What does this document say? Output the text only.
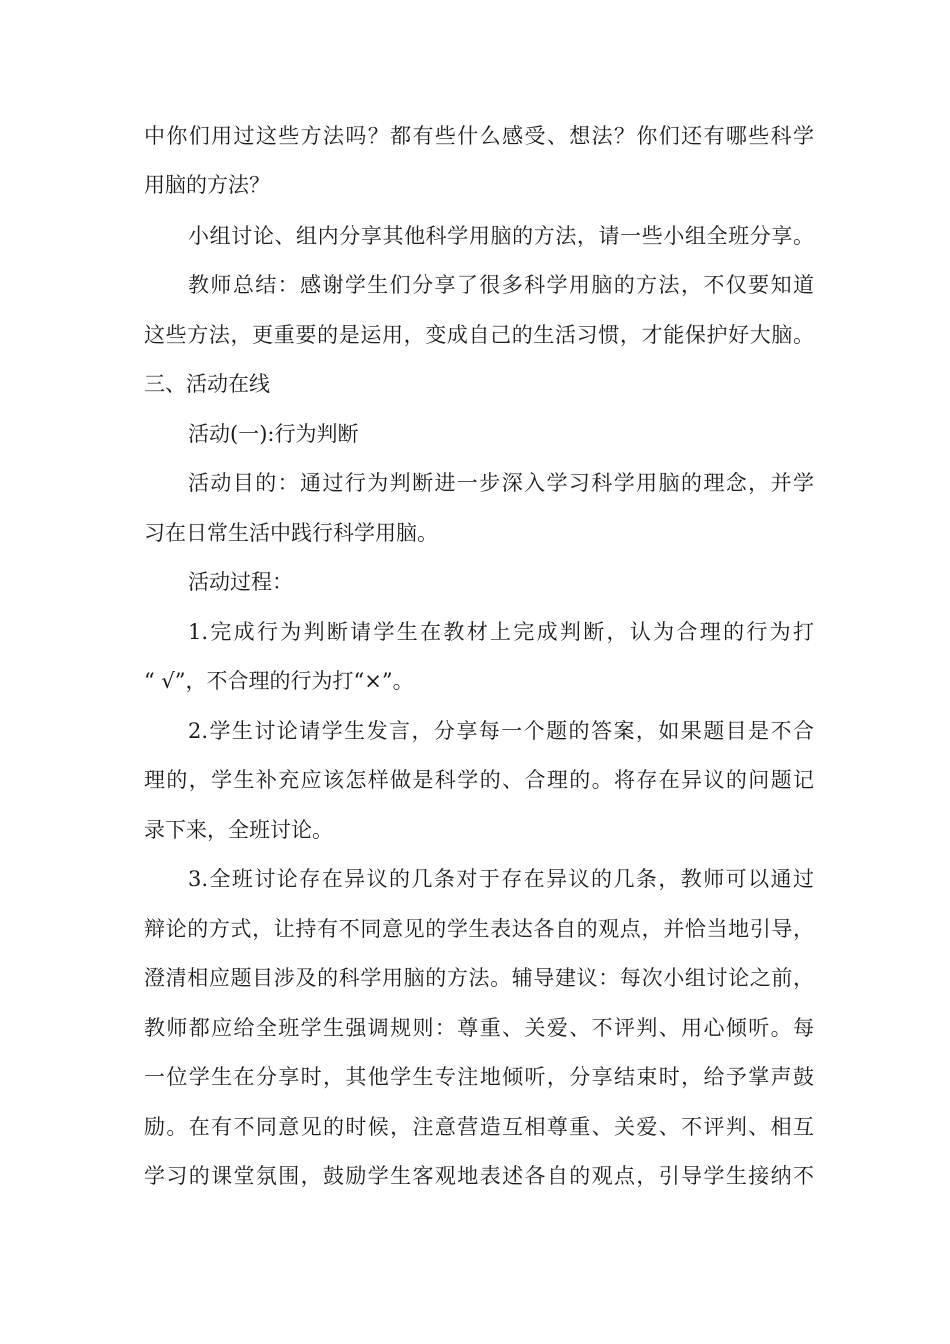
中你们用过这些方法吗？都有些什么感受、想法？你们还有哪些科学
用脑的方法？
小组讨论、组内分享其他科学用脑的方法，请一些小组全班分享。
教师总结：感谢学生们分享了很多科学用脑的方法，不仅要知道
这些方法，更重要的是运用，变成自己的生活习惯，才能保护好大脑。
三、活动在线
活动(一):行为判断
活动目的：通过行为判断进一步深入学习科学用脑的理念，并学
习在日常生活中践行科学用脑。
活动过程：
1.完成行为判断请学生在教材上完成判断，认为合理的行为打
“ √”，不合理的行为打“×”。
2.学生讨论请学生发言，分享每一个题的答案，如果题目是不合
理的，学生补充应该怎样做是科学的、合理的。将存在异议的问题记
录下来，全班讨论。
3.全班讨论存在异议的几条对于存在异议的几条，教师可以通过
辩论的方式，让持有不同意见的学生表达各自的观点，并恰当地引导，
澄清相应题目涉及的科学用脑的方法。辅导建议：每次小组讨论之前，
教师都应给全班学生强调规则：尊重、关爱、不评判、用心倾听。每
一位学生在分享时，其他学生专注地倾听，分享结束时，给予掌声鼓
励。在有不同意见的时候，注意营造互相尊重、关爱、不评判、相互
学习的课堂氛围，鼓励学生客观地表述各自的观点，引导学生接纳不
